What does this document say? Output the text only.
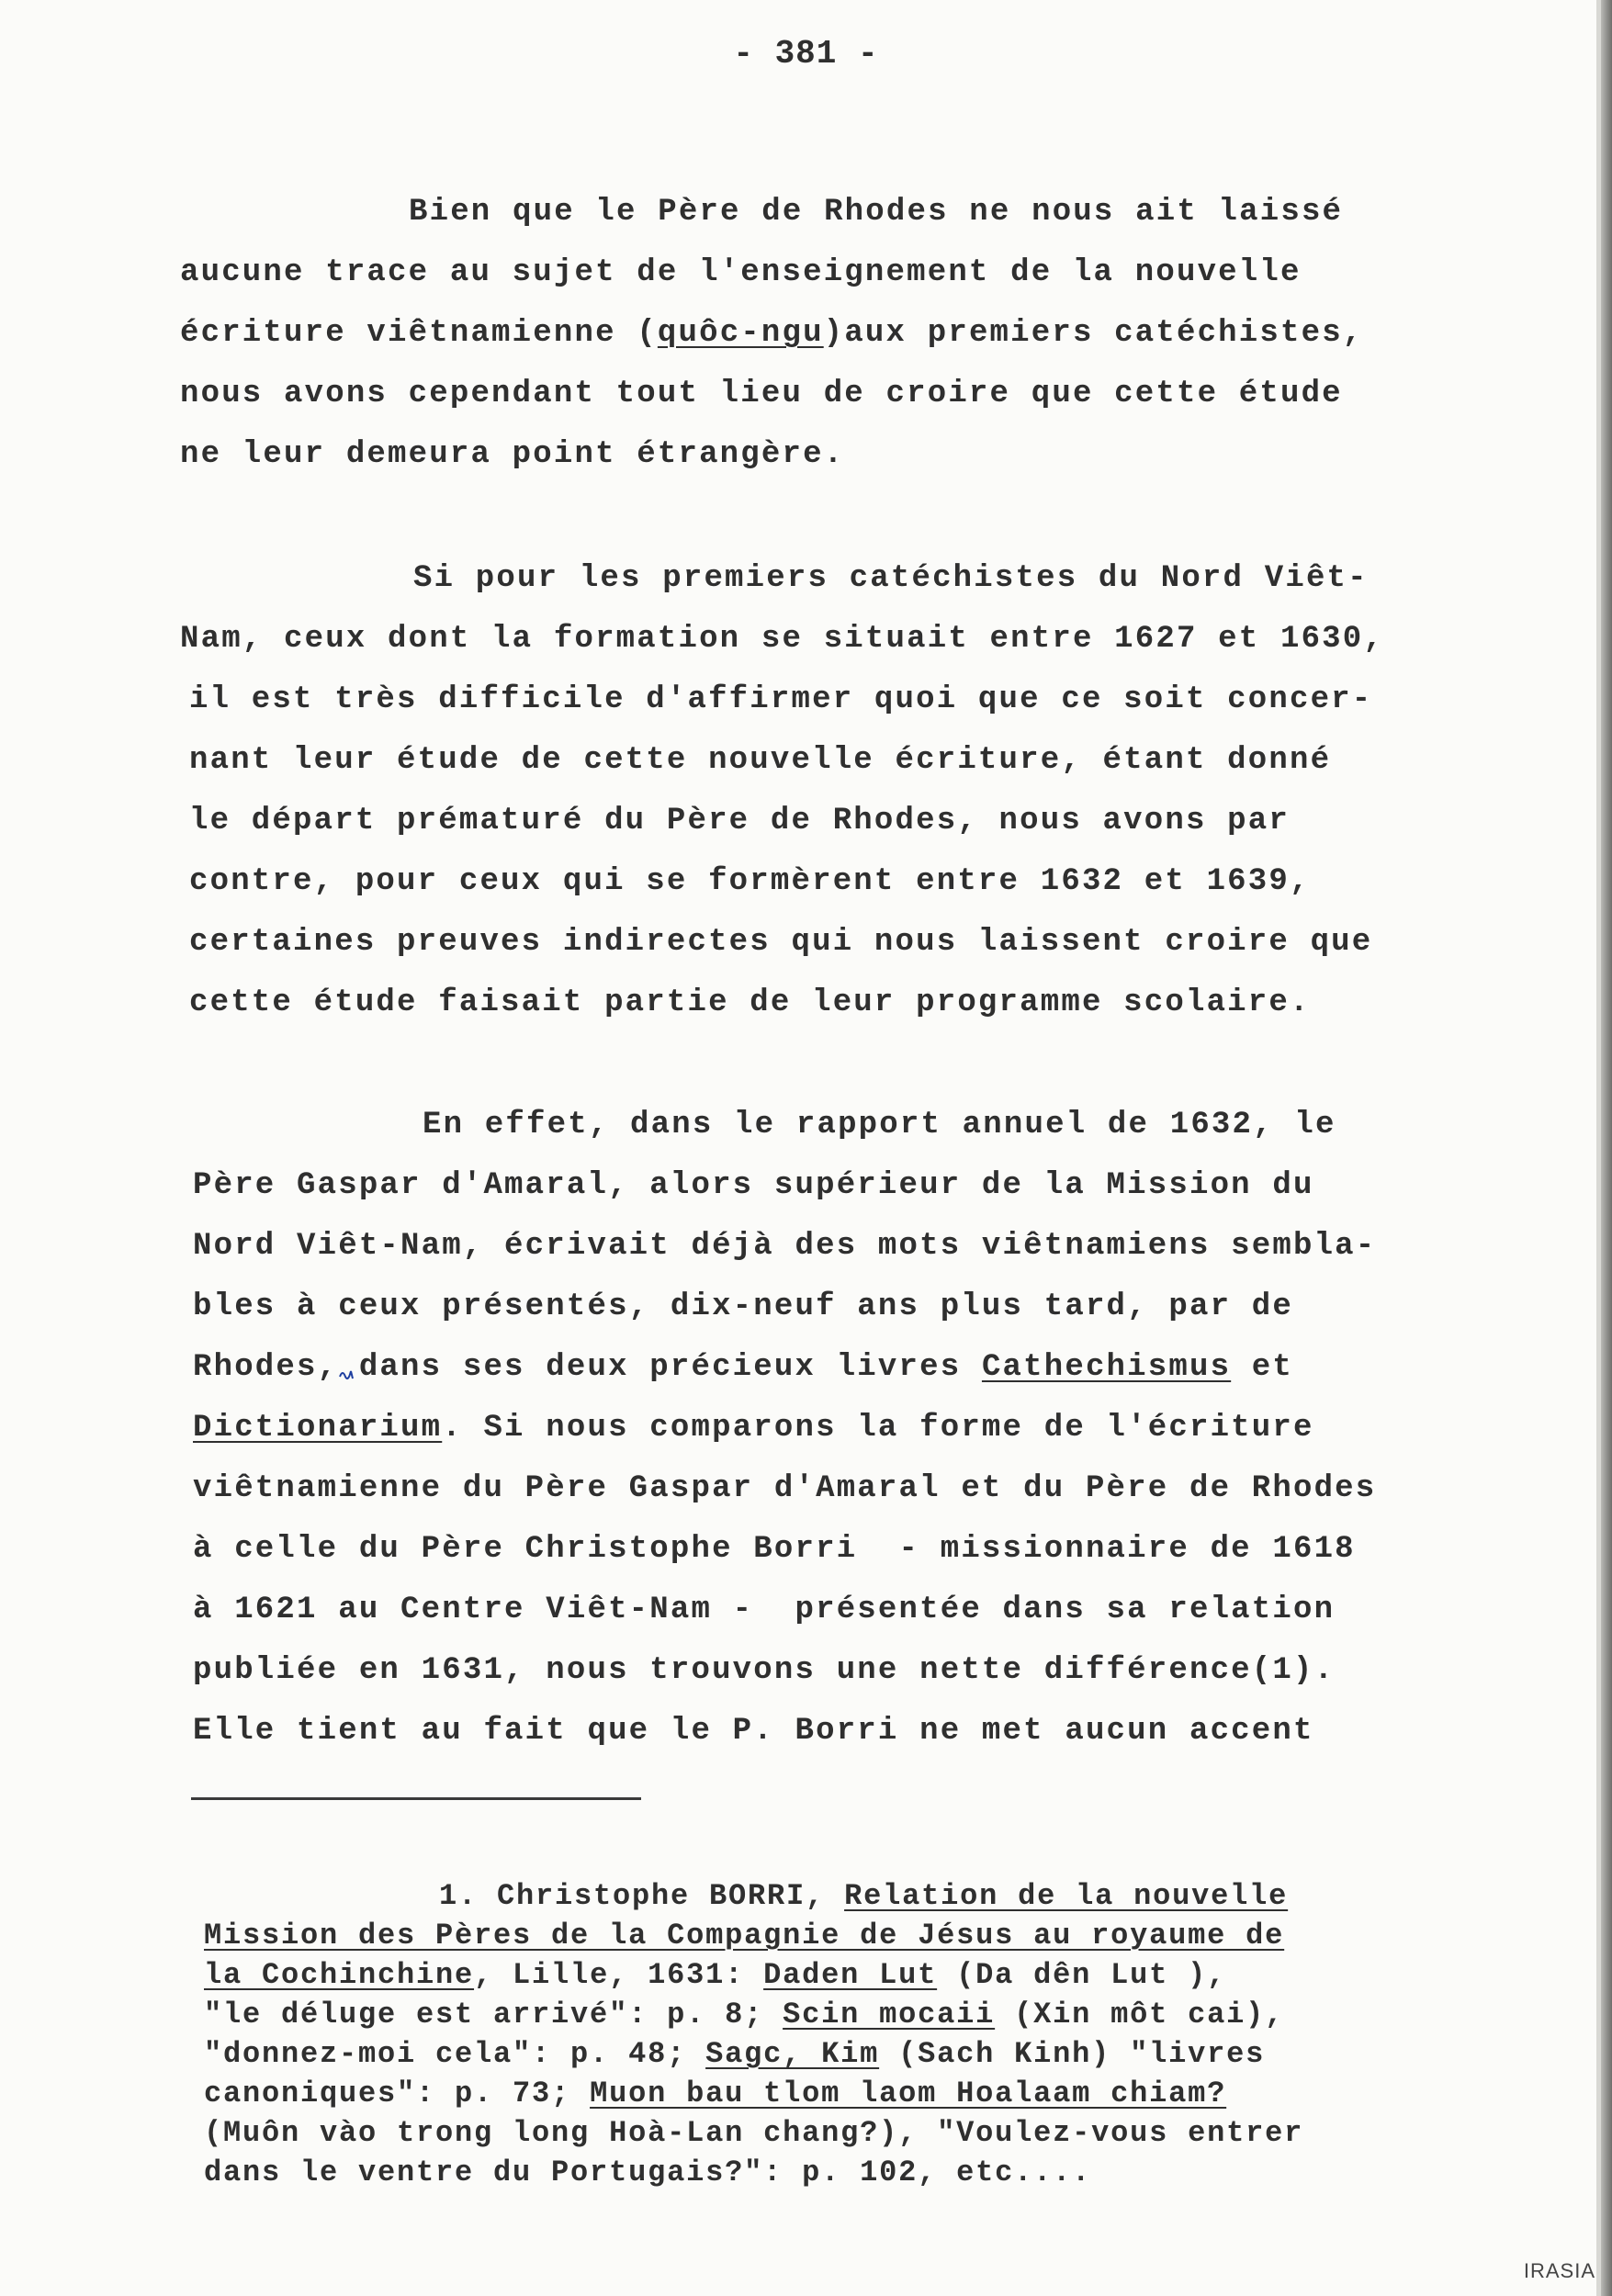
- 381 -

Bien que le Père de Rhodes ne nous ait laissé

aucune trace au sujet de l'enseignement de la nouvelle

écriture viêtnamienne (quôc-ngu)aux premiers catéchistes,

nous avons cependant tout lieu de croire que cette étude

ne leur demeura point étrangère.

Si pour les premiers catéchistes du Nord Viêt-

Nam, ceux dont la formation se situait entre 1627 et 1630,

il est très difficile d'affirmer quoi que ce soit concer-

nant leur étude de cette nouvelle écriture, étant donné

le départ prématuré du Père de Rhodes, nous avons par

contre, pour ceux qui se formèrent entre 1632 et 1639,

certaines preuves indirectes qui nous laissent croire que

cette étude faisait partie de leur programme scolaire.

En effet, dans le rapport annuel de 1632, le

Père Gaspar d'Amaral, alors supérieur de la Mission du

Nord Viêt-Nam, écrivait déjà des mots viêtnamiens sembla-

bles à ceux présentés, dix-neuf ans plus tard, par de

Rhodes, dans ses deux précieux livres Cathechismus et

Dictionarium. Si nous comparons la forme de l'écriture

viêtnamienne du Père Gaspar d'Amaral et du Père de Rhodes

à celle du Père Christophe Borri  - missionnaire de 1618

à 1621 au Centre Viêt-Nam -  présentée dans sa relation

publiée en 1631, nous trouvons une nette différence(1).

Elle tient au fait que le P. Borri ne met aucun accent

1. Christophe BORRI, Relation de la nouvelle

Mission des Pères de la Compagnie de Jésus au royaume de

la Cochinchine, Lille, 1631: Daden Lut (Da dên Lut ),

"le déluge est arrivé": p. 8; Scin mocaii (Xin môt cai),

"donnez-moi cela": p. 48; Sagc, Kim (Sach Kinh) "livres

canoniques": p. 73; Muon bau tlom laom Hoalaam chiam?

(Muôn vào trong long Hoà-Lan chang?), "Voulez-vous entrer

dans le ventre du Portugais?": p. 102, etc....

IRASIA
